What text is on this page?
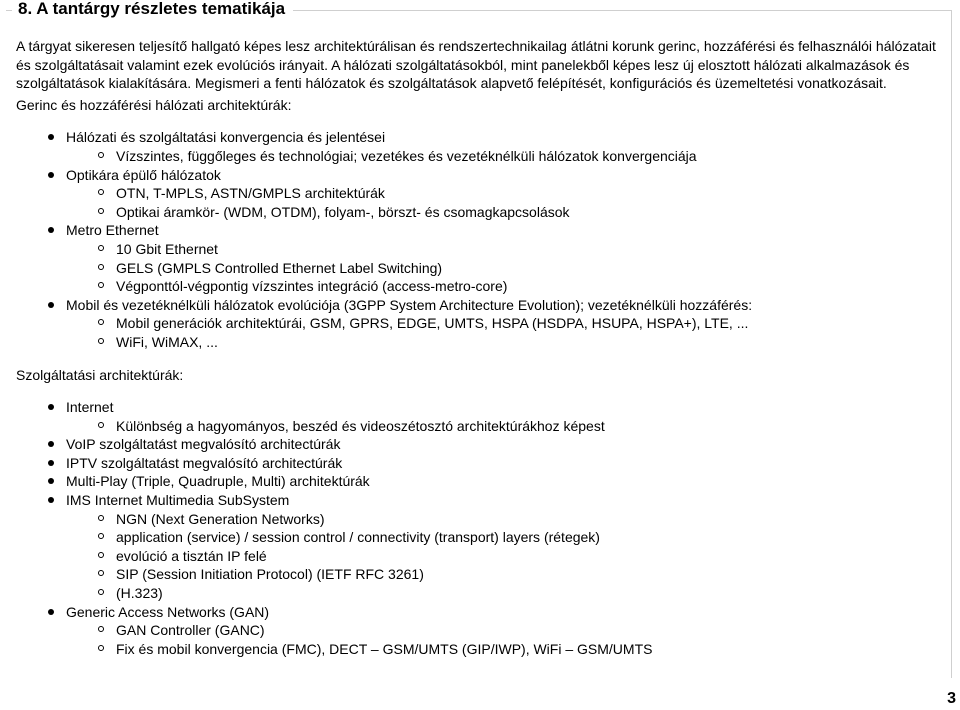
8. A tantárgy részletes tematikája

A tárgyat sikeresen teljesítő hallgató képes lesz architektúrálisan és rendszertechnikailag átlátni korunk gerinc, hozzáférési és felhasználói hálózatait és szolgáltatásait valamint ezek evolúciós irányait. A hálózati szolgáltatásokból, mint panelekből képes lesz új elosztott hálózati alkalmazások és szolgáltatások kialakítására. Megismeri a fenti hálózatok és szolgáltatások alapvető felépítését, konfigurációs és üzemeltetési vonatkozásait.

Gerinc és hozzáférési hálózati architektúrák:

Hálózati és szolgáltatási konvergencia és jelentései
Vízszintes, függőleges és technológiai; vezetékes és vezetéknélküli hálózatok konvergenciája
Optikára épülő hálózatok
OTN, T-MPLS, ASTN/GMPLS architektúrák
Optikai áramkör- (WDM, OTDM), folyam-, börszt- és csomagkapcsolások
Metro Ethernet
10 Gbit Ethernet
GELS (GMPLS Controlled Ethernet Label Switching)
Végponttól-végpontig vízszintes integráció (access-metro-core)
Mobil és vezetéknélküli hálózatok evolúciója (3GPP System Architecture Evolution); vezetéknélküli hozzáférés:
Mobil generációk architektúrái, GSM, GPRS, EDGE, UMTS, HSPA (HSDPA, HSUPA, HSPA+), LTE, ...
WiFi, WiMAX, ...

Szolgáltatási architektúrák:

Internet
Különbség a hagyományos, beszéd és videoszétosztó architektúrákhoz képest
VoIP szolgáltatást megvalósító architectúrák
IPTV szolgáltatást megvalósító architectúrák
Multi-Play (Triple, Quadruple, Multi) architektúrák
IMS Internet Multimedia SubSystem
NGN (Next Generation Networks)
application (service) / session control / connectivity (transport) layers (rétegek)
evolúció a tisztán IP felé
SIP (Session Initiation Protocol) (IETF RFC 3261)
(H.323)
Generic Access Networks (GAN)
GAN Controller (GANC)
Fix és mobil konvergencia (FMC), DECT – GSM/UMTS (GIP/IWP), WiFi – GSM/UMTS
3
